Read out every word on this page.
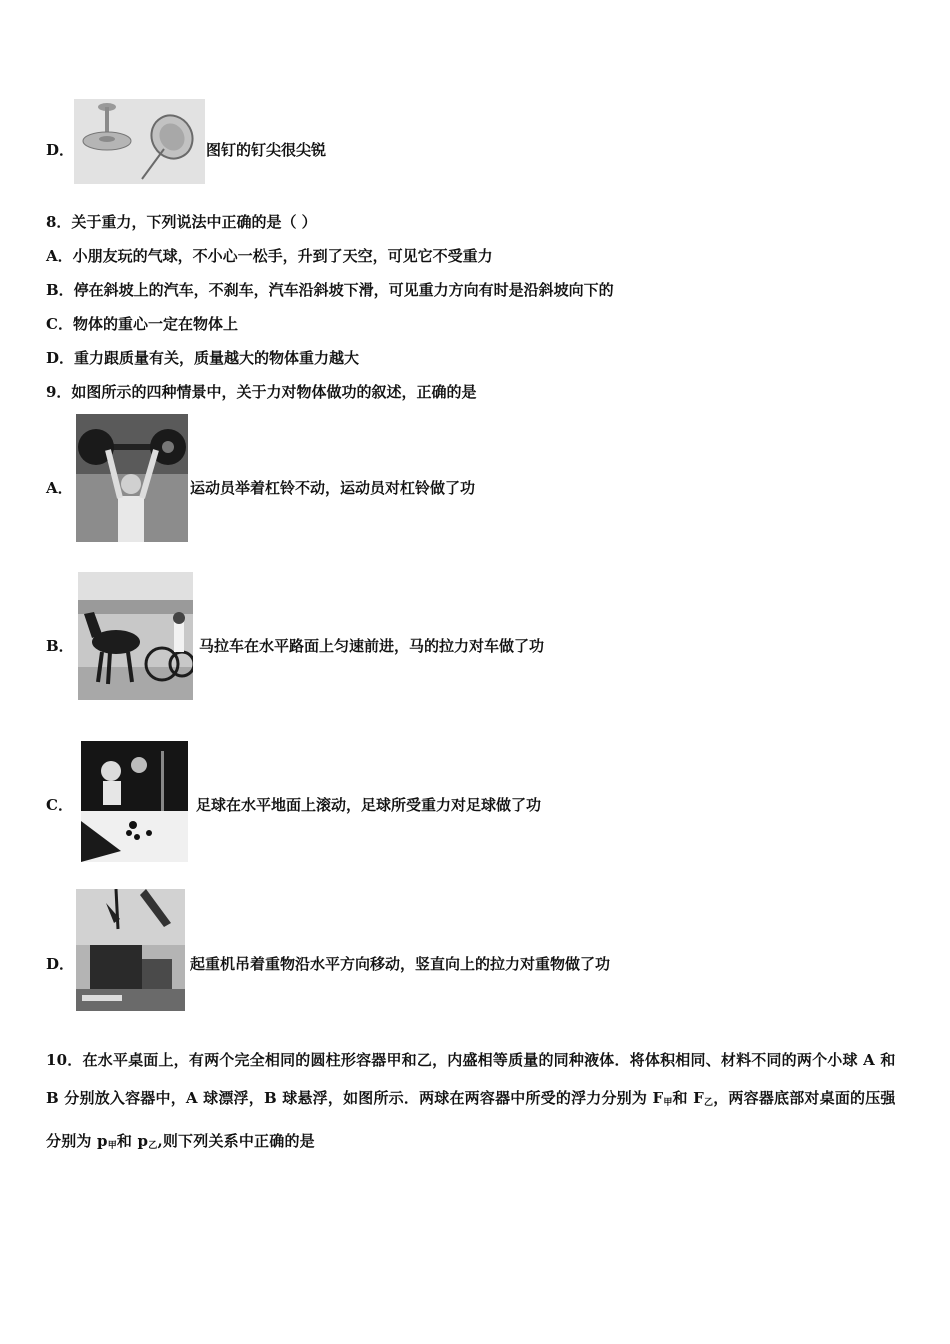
D．	图钉的钉尖很尖锐
8．关于重力，下列说法中正确的是（ ）
A．小朋友玩的气球，不小心一松手，升到了天空，可见它不受重力
B．停在斜坡上的汽车，不刹车，汽车沿斜坡下滑，可见重力方向有时是沿斜坡向下的
C．物体的重心一定在物体上
D．重力跟质量有关，质量越大的物体重力越大
9．如图所示的四种情景中，关于力对物体做功的叙述，正确的是
A．	运动员举着杠铃不动，运动员对杠铃做了功
B．	马拉车在水平路面上匀速前进，马的拉力对车做了功
C．	足球在水平地面上滚动，足球所受重力对足球做了功
D．	起重机吊着重物沿水平方向移动，竖直向上的拉力对重物做了功
10．在水平桌面上，有两个完全相同的圆柱形容器甲和乙，内盛相等质量的同种液体．将体积相同、材料不同的两个小球 A 和 B 分别放入容器中，A 球漂浮，B 球悬浮，如图所示．两球在两容器中所受的浮力分别为 $F_甲$和 $F_乙$，两容器底部对桌面的压强分别为 $p_甲$和 $p_乙$,则下列关系中正确的是
